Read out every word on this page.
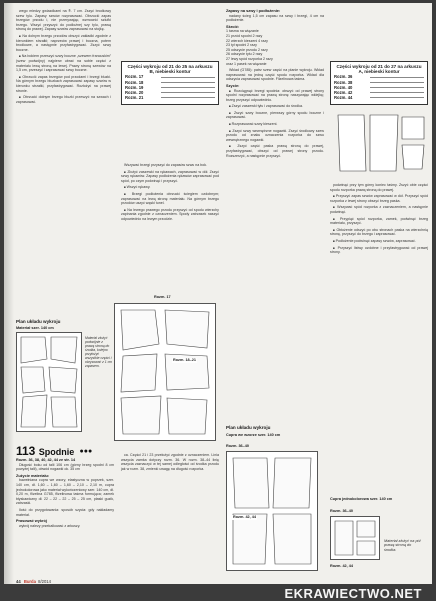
wego miedzy gwiazdkami na ®. 7 cm. Zszyć brodkowy szew tylu. Zapasy szwów rozprasować. Obrzucić zapas brzegów przodu i, nie przerywając, wzmocnić szlufki brzegu. Wszyć przyszyć do podłożnej szy tylu, prawą stroną do prawej. Zapasy szwów zaprasować na stojkę.

■ Na dolnym brzegu przodów obszyć zakładki zgodnie z kierunkiem strzałki; naprzeciw prawej i boczna, potem brodkowe, a następnie przyfastrygować. Zszyć szwy boczne.

■ Na bokiem przeszyć szwy boczne „szewem francuskim” (szew podwójny) najpierw ubrać na sobie części z materiału lewą stroną na lewej. Prawy stroną szewów na 1,5 cm, przeszyć i zaprasować szwy boczne.

■ Obrzucić zapas brzegów pod przodami i brzegi bluzki. Na górnym brzegu bluzkach zaprasować zapasy szwów w kierunku strzałki, przyfastrygować. Rozłożyć na prawej stronie.

■ Obrzucić dolnym brzegu bluzki przeszyć na szwach i zaprasować.

Plan układu wykroju
Materiał szer. 140 cm
Materiał złożyć podwójnie z prawą stroną do środka, kolejno przyłożyć wszystkie części i obrysować z 1 cm zapasem.
Części wykroju od 21 do 25 na arkuszu B, niebieski kontur
Rozm. 17
Rozm. 18
Rozm. 19
Rozm. 20
Rozm. 21

Wszywać brzegi przyszyć do zapasów szwu na bok.

■ Złożyć zaszewki na rękawach, zaprasować w dół. Zszyć szwy rękawów. Zapasy podłożenia rękawów zaprasować pod spód, po czym podwinąć i przyszyć.

■ Wszyć rękawy.

■ Brzegi podłożenia obrzucić ściegiem ozdobnym; zaprasować na lewą stronę materiału. Na górnym brzegu przodów uszyć wąski tunel.

■ Na lewego prawego przodu przyszyć od spodu wierzchy zapinania zgodnie z oznaczeniem. Spody zatrzasek naszyć odpowiednio na lewym przodzie.

Rozm. 17
Rozm. 18–21

ca. Części 21 i 23 przełożyć zgodnie z oznaczeniem. Linia wszycia zamka dotyczy rozm. 36. W rozm. 38–44 linię wszycia zaznaczyć w tej samej odległości od środka przodu jak w rozm. 38, zmienić uwagę na długość rozporka.

Zapasy na szwy i podłożenie:

nadany ścieg 1,5 cm zapasu na szwy i brzegi, 4 cm na podłożenie.

Skroić:
1 tasma na wiązanie
21 przód spodni 2 razy
22 wierzch kieszeni 4 razy
23 tył spodni 2 razy
25 odszycie przodu 2 razy
26 odszycie tyłu 2 razy
27 lewy spód rozporka 2 razy
oraz 1 pasek na wiązanie

Wklad (G785): patrz szew część na planie wykroju. Wkład naprasować na jedną część spodu rozporka. Wkład dla odszycia zaprasować spodnie. Flizelinowa taśma.

Szycie:

■ Rozciągnąć brzegi spodnia: obszyć od prawej strony spodni rozprasować na prawą stronę naszywając wklejkę; brzeg przyszyć odpowiednio.

■ Zszyć zaszewki tyłu i zaprasować do środka.

■ Zszyć szwy boczne, pierwszy górny spodu boczne i zaprasować.

■ Rozprasować szwy kieszeni.

■ Zszyć szwy wewnętrzne nogawki. Zszyć środkowy szew przodu od znaku oznaczenia rozporka do szwu wewnętrznego nogawki.

■ Zszyć część paska prawą stroną do prawej, przyfastrygować, obszyć od prawej strony przodu. Rozszerzyć, a następnie przyszyć.

Plan układu wykroju
Cupra we wzorze szer. 140 cm
Rozm. 36–40
Rozm. 42, 44
Części wykroju od 21 do 27 na arkuszu A, niebieski kontur
Rozm. 36
Rozm. 38
Rozm. 40
Rozm. 42
Rozm. 44

podwinąć przy tym górny koniec taśmy. Zszyć obie części spodu rozporka prawą stroną do prawej.

■ Przyszyć zapas szwów zaprasować w dół. Przyszyć spód rozporka z lewej strony obszyć brzeg paska.

■ Wszywać spód rozporka z zaznaczeniem, a następnie podwinąć.

■ Przypiąć spód rozporka, zamek, podwinąć brzeg materiału, przyszyć.

■ Obłożenie odszyć po obu stronach paska na wierzchnią stronę, przyszyć do brzegu i zaprasować.

■ Podłożenie podwinąć zapasy szwów, zaprasować.

■ Przyszyć listwy ozdobne i przyfastrygować od prawej strony.

Cupra jednokolorowa szer. 140 cm
Rozm. 36–40
Rozm. 42, 44
Materiał złożyć na pół prawą stroną do środka.
113 Spodnie ●●●
Rozm. 36, 38, 40, 42, 44 ze str. 14

Długość boku od talii 106 cm (górny brzeg spodni 8 cm powyżej talii), obwód nogawki ok. 35 cm

Zużycie materiału:

bawełniana cupra we wzory, elastyczna w poprzek, szer. 140 cm, dł. 1,60 – 1,60 – 1,60 – 2,10 – 2,10 m, cupra jednokolorowa jako materiał wykończeniowy szer. 140 cm, dł. 0,20 m, flizelina G785, flizelinowa taśma formująca; zamek błyskawiczny dł. 22 – 22 – 22 – 25 – 25 cm, płaski guzik, zatrzaski.

Ilość do przygotowania: sposób szycia: gdy nakładamy materiał.

Prasować wykrój

wykrój nalezy przekalkować z arkuszy.

44 Burda 8/2014
EKRAWIECTWO.NET
